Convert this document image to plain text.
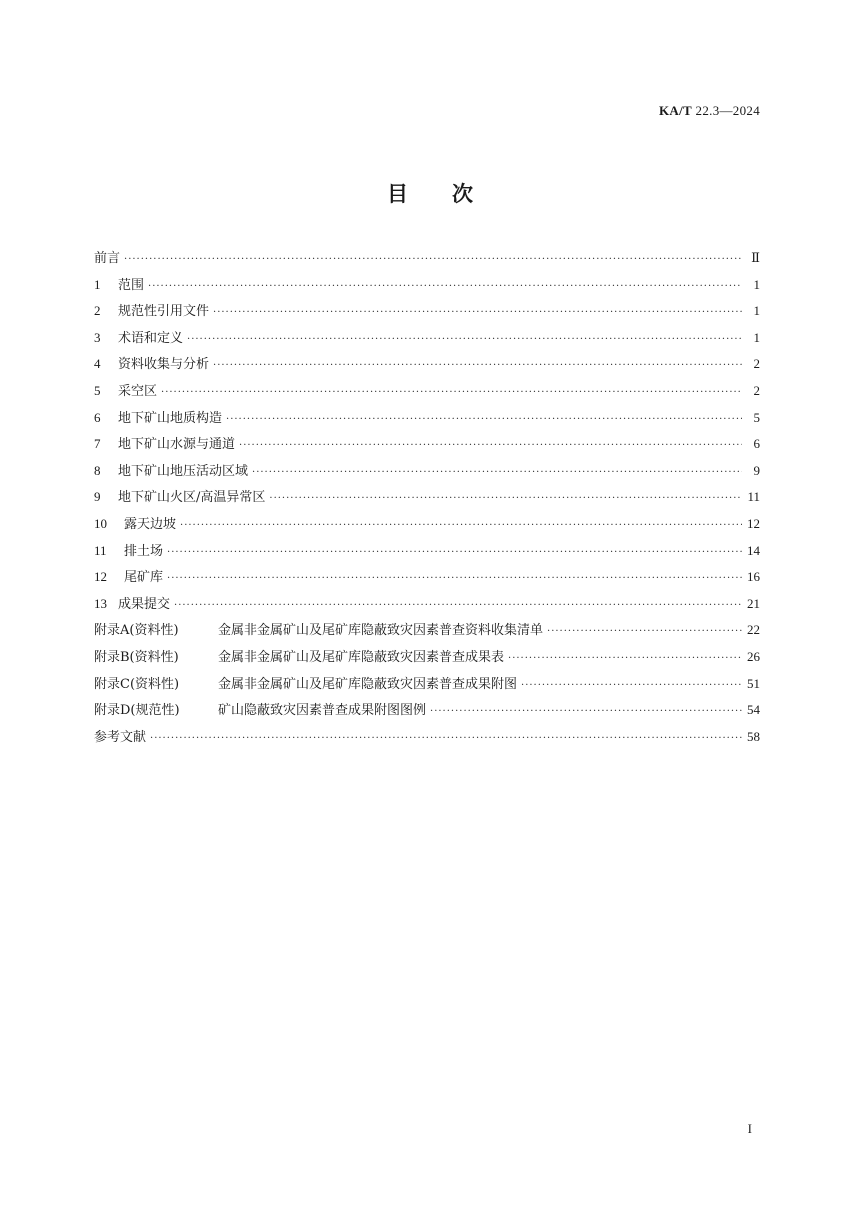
KA/T 22.3—2024
目次
前言 ·····	Ⅱ
1 范围 ·····	1
2 规范性引用文件 ·····	1
3 术语和定义 ·····	1
4 资料收集与分析 ·····	2
5 采空区 ·····	2
6 地下矿山地质构造 ·····	5
7 地下矿山水源与通道 ·····	6
8 地下矿山地压活动区域 ·····	9
9 地下矿山火区/高温异常区 ·····	11
10 露天边坡 ·····	12
11 排土场 ·····	14
12 尾矿库 ·····	16
13 成果提交 ·····	21
附录A(资料性)	金属非金属矿山及尾矿库隐蔽致灾因素普查资料收集清单 ·····	22
附录B(资料性)	金属非金属矿山及尾矿库隐蔽致灾因素普查成果表 ·····	26
附录C(资料性)	金属非金属矿山及尾矿库隐蔽致灾因素普查成果附图 ·····	51
附录D(规范性)	矿山隐蔽致灾因素普查成果附图图例 ·····	54
参考文献 ·····	58
I
